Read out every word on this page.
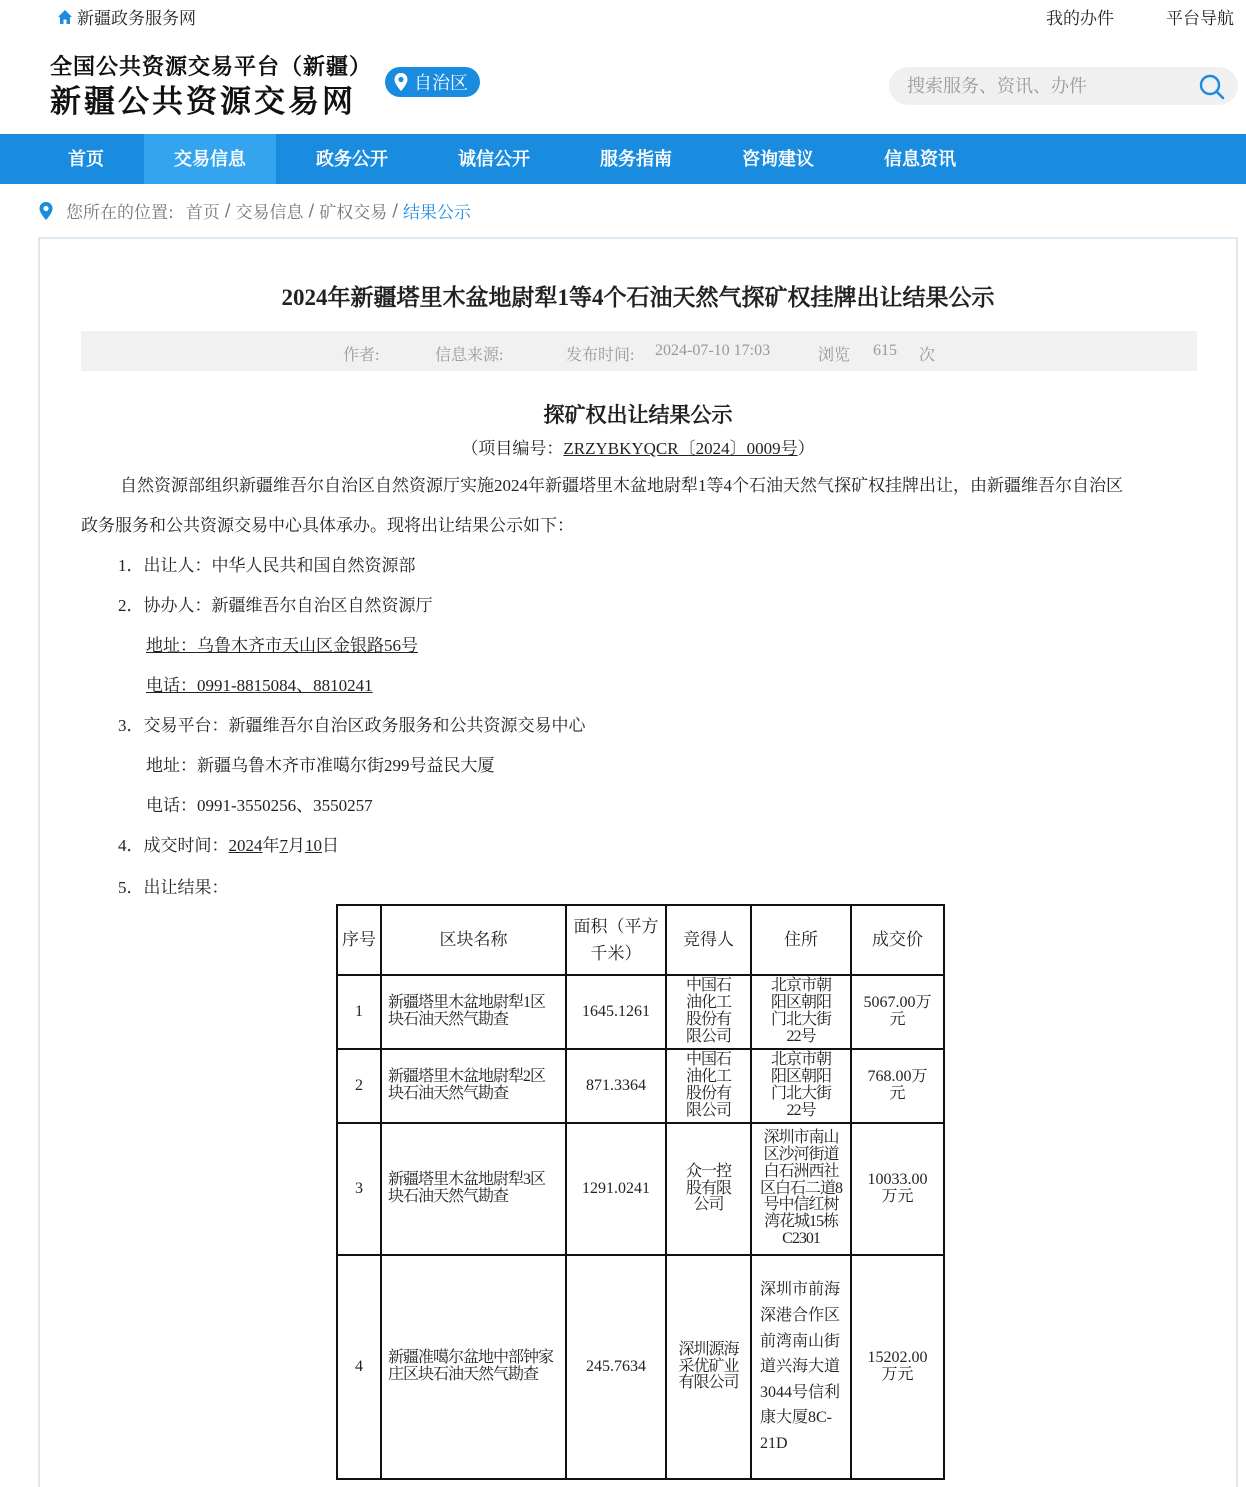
新疆政务服务网	我的办件	平台导航
全国公共资源交易平台（新疆）
新疆公共资源交易网
自治区
搜索服务、资讯、办件
首页	交易信息	政务公开	诚信公开	服务指南	咨询建议	信息资讯
您所在的位置: 首页 / 交易信息 / 矿权交易 / 结果公示
2024年新疆塔里木盆地尉犁1等4个石油天然气探矿权挂牌出让结果公示
作者:	信息来源:	发布时间: 2024-07-10 17:03	浏览 615 次
探矿权出让结果公示
（项目编号：ZRZYBKYQCR〔2024〕0009号）
自然资源部组织新疆维吾尔自治区自然资源厅实施2024年新疆塔里木盆地尉犁1等4个石油天然气探矿权挂牌出让，由新疆维吾尔自治区
政务服务和公共资源交易中心具体承办。现将出让结果公示如下：
1．出让人：中华人民共和国自然资源部
2．协办人：新疆维吾尔自治区自然资源厅
地址：乌鲁木齐市天山区金银路56号
电话：0991-8815084、8810241
3．交易平台：新疆维吾尔自治区政务服务和公共资源交易中心
地址：新疆乌鲁木齐市准噶尔街299号益民大厦
电话：0991-3550256、3550257
4．成交时间：2024年7月10日
5．出让结果：
序号	区块名称	面积（平方千米）	竞得人	住所	成交价
1	新疆塔里木盆地尉犁1区块石油天然气勘查	1645.1261	中国石油化工股份有限公司	北京市朝阳区朝阳门北大街22号	5067.00万元
2	新疆塔里木盆地尉犁2区块石油天然气勘查	871.3364	中国石油化工股份有限公司	北京市朝阳区朝阳门北大街22号	768.00万元
3	新疆塔里木盆地尉犁3区块石油天然气勘查	1291.0241	众一控股有限公司	深圳市南山区沙河街道白石洲西社区白石二道8号中信红树湾花城15栋C2301	10033.00万元
4	新疆准噶尔盆地中部钟家庄区块石油天然气勘查	245.7634	深圳源海采优矿业有限公司	深圳市前海深港合作区前湾南山街道兴海大道3044号信利康大厦8C-21D	15202.00万元
